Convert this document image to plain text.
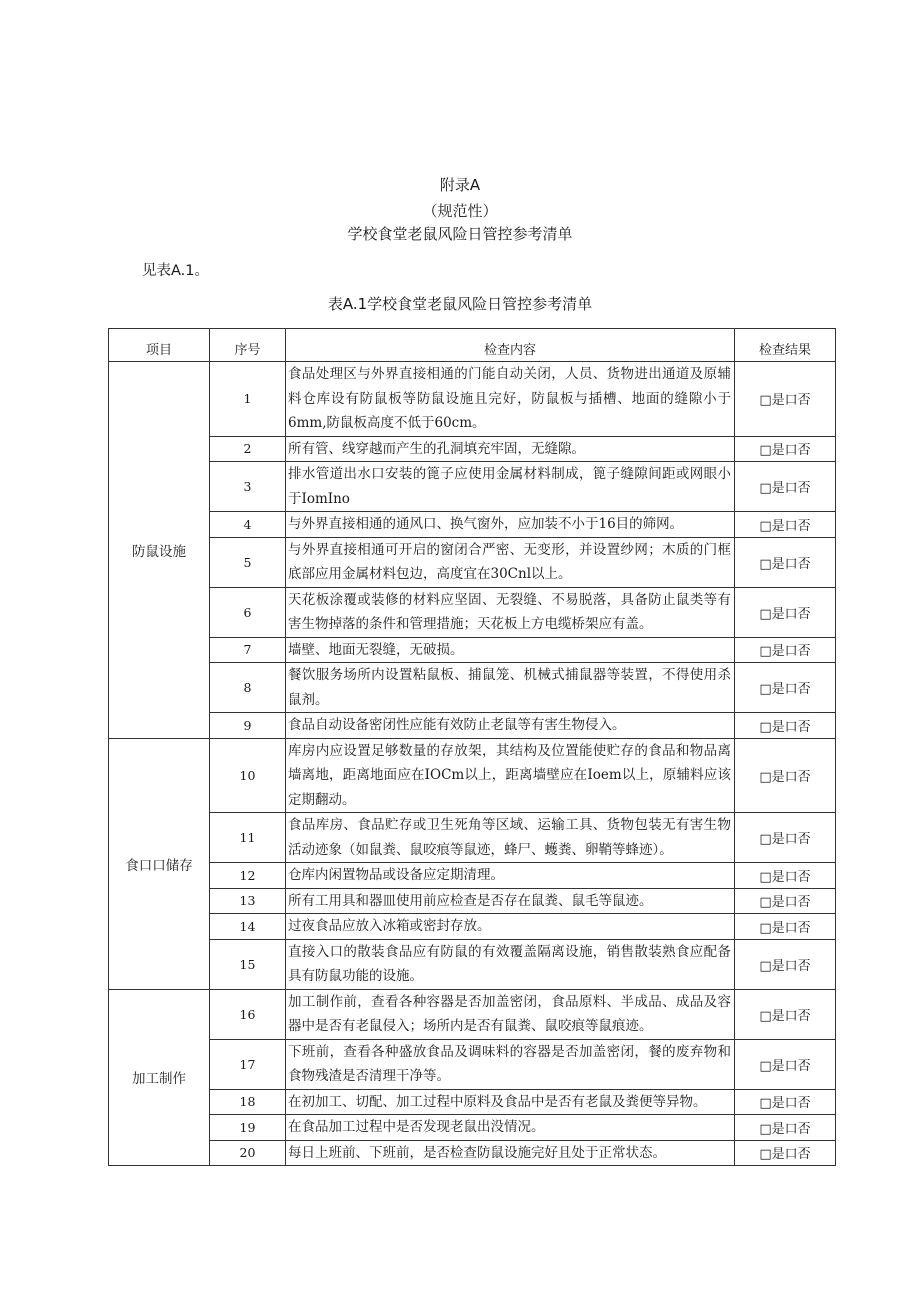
附录A
（规范性）
学校食堂老鼠风险日管控参考清单
见表A.1。
表A.1学校食堂老鼠风险日管控参考清单
项目	序号	检查内容	检查结果
防鼠设施	1	食品处理区与外界直接相通的门能自动关闭，人员、货物进出通道及原辅料仓库设有防鼠板等防鼠设施且完好，防鼠板与插槽、地面的缝隙小于6mm,防鼠板高度不低于60cm。	□是口否
	2	所有管、线穿越而产生的孔洞填充牢固，无缝隙。	□是口否
	3	排水管道出水口安装的篦子应使用金属材料制成，篦子缝隙间距或网眼小于IomIno	□是口否
	4	与外界直接相通的通风口、换气窗外，应加装不小于16目的筛网。	□是口否
	5	与外界直接相通可开启的窗闭合严密、无变形，并设置纱网；木质的门框底部应用金属材料包边，高度宜在30Cnl以上。	□是口否
	6	天花板涂覆或装修的材料应坚固、无裂缝、不易脱落，具备防止鼠类等有害生物掉落的条件和管理措施；天花板上方电缆桥架应有盖。	□是口否
	7	墙壁、地面无裂缝，无破损。	□是口否
	8	餐饮服务场所内设置粘鼠板、捕鼠笼、机械式捕鼠器等装置，不得使用杀鼠剂。	□是口否
	9	食品自动设备密闭性应能有效防止老鼠等有害生物侵入。	□是口否
食口口储存	10	库房内应设置足够数量的存放架，其结构及位置能使贮存的食品和物品离墙离地，距离地面应在IOCm以上，距离墙壁应在Ioem以上，原辅料应该定期翻动。	□是口否
	11	食品库房、食品贮存或卫生死角等区域、运输工具、货物包装无有害生物活动迹象（如鼠粪、鼠咬痕等鼠迹，蜂尸、蠖粪、卵鞘等蜂迹）。	□是口否
	12	仓库内闲置物品或设备应定期清理。	□是口否
	13	所有工用具和器皿使用前应检查是否存在鼠粪、鼠毛等鼠迹。	□是口否
	14	过夜食品应放入冰箱或密封存放。	□是口否
	15	直接入口的散装食品应有防鼠的有效覆盖隔离设施，销售散装熟食应配备具有防鼠功能的设施。	□是口否
加工制作	16	加工制作前，查看各种容器是否加盖密闭，食品原料、半成品、成品及容器中是否有老鼠侵入；场所内是否有鼠粪、鼠咬痕等鼠痕迹。	□是口否
	17	下班前，查看各种盛放食品及调味料的容器是否加盖密闭，餐的废弃物和食物残渣是否清理干净等。	□是口否
	18	在初加工、切配、加工过程中原料及食品中是否有老鼠及粪便等异物。	□是口否
	19	在食品加工过程中是否发现老鼠出没情况。	□是口否
	20	每日上班前、下班前，是否检查防鼠设施完好且处于正常状态。	□是口否
